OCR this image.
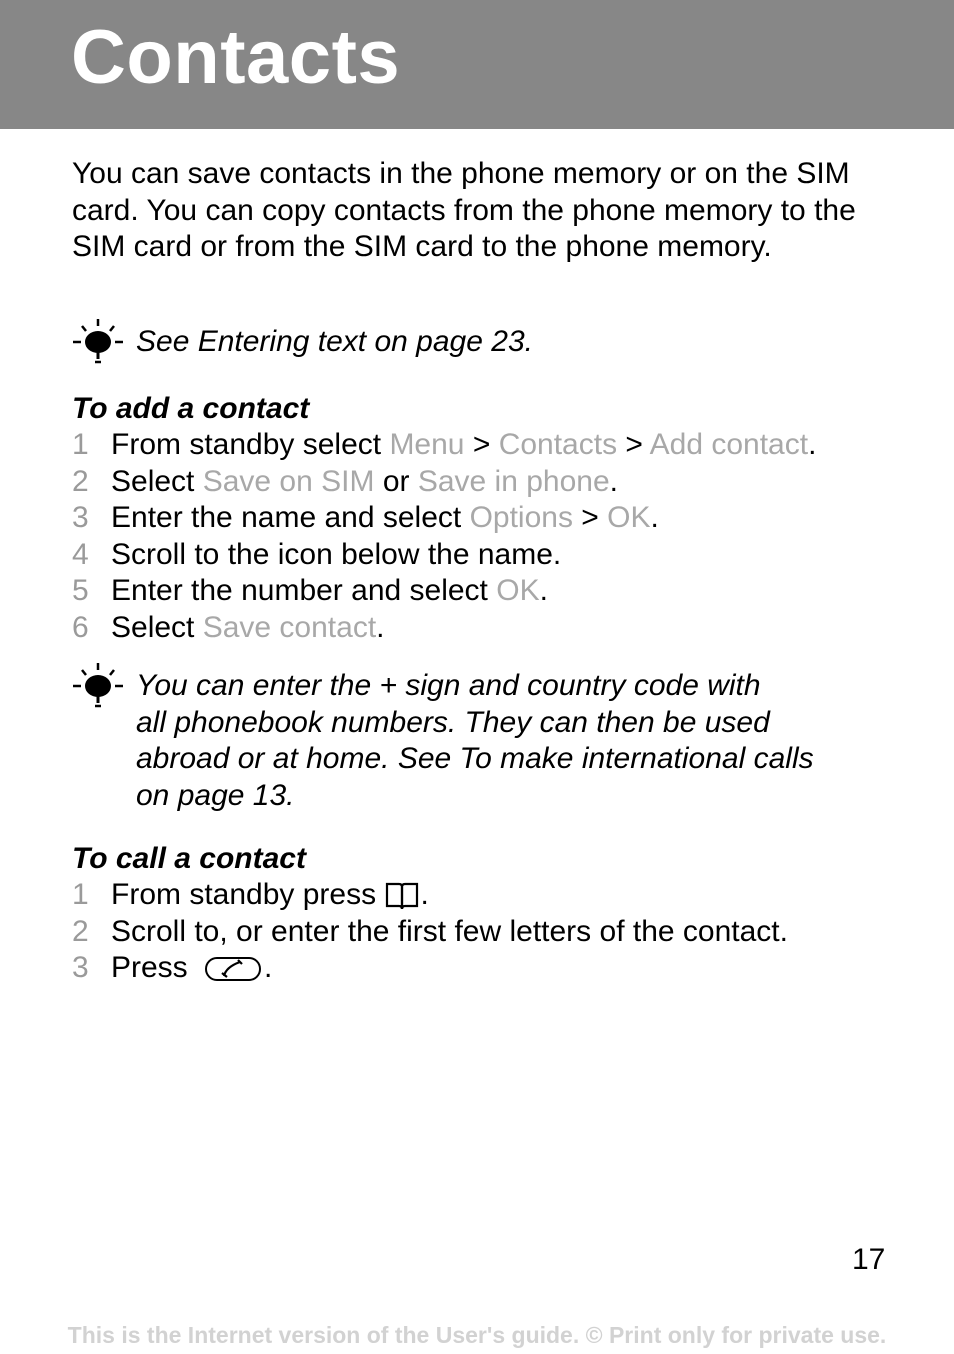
Contacts

You can save contacts in the phone memory or on the SIM card. You can copy contacts from the phone memory to the SIM card or from the SIM card to the phone memory.

See Entering text on page 23.

To add a contact

1 From standby select Menu > Contacts > Add contact.
2 Select Save on SIM or Save in phone.
3 Enter the name and select Options > OK.
4 Scroll to the icon below the name.
5 Enter the number and select OK.
6 Select Save contact.

You can enter the + sign and country code with
all phonebook numbers. They can then be used
abroad or at home. See To make international calls
on page 13.

To call a contact

1 From standby press .
2 Scroll to, or enter the first few letters of the contact.
3 Press .
17
This is the Internet version of the User's guide. © Print only for private use.
